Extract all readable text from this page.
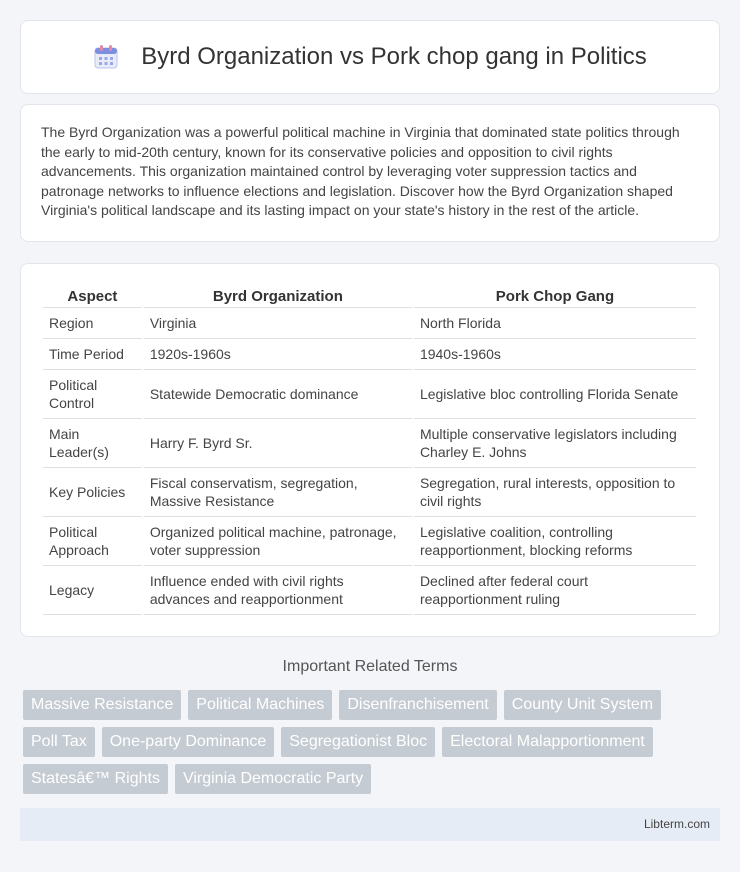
Byrd Organization vs Pork chop gang in Politics

The Byrd Organization was a powerful political machine in Virginia that dominated state politics through the early to mid-20th century, known for its conservative policies and opposition to civil rights advancements. This organization maintained control by leveraging voter suppression tactics and patronage networks to influence elections and legislation. Discover how the Byrd Organization shaped Virginia's political landscape and its lasting impact on your state's history in the rest of the article.

Aspect	Byrd Organization	Pork Chop Gang
Region	Virginia	North Florida
Time Period	1920s-1960s	1940s-1960s
Political Control	Statewide Democratic dominance	Legislative bloc controlling Florida Senate
Main Leader(s)	Harry F. Byrd Sr.	Multiple conservative legislators including Charley E. Johns
Key Policies	Fiscal conservatism, segregation, Massive Resistance	Segregation, rural interests, opposition to civil rights
Political Approach	Organized political machine, patronage, voter suppression	Legislative coalition, controlling reapportionment, blocking reforms
Legacy	Influence ended with civil rights advances and reapportionment	Declined after federal court reapportionment ruling
Important Related Terms
Massive Resistance	Political Machines	Disenfranchisement	County Unit System
Poll Tax	One-party Dominance	Segregationist Bloc	Electoral Malapportionment
Statesâ€™ Rights	Virginia Democratic Party
Libterm.com
